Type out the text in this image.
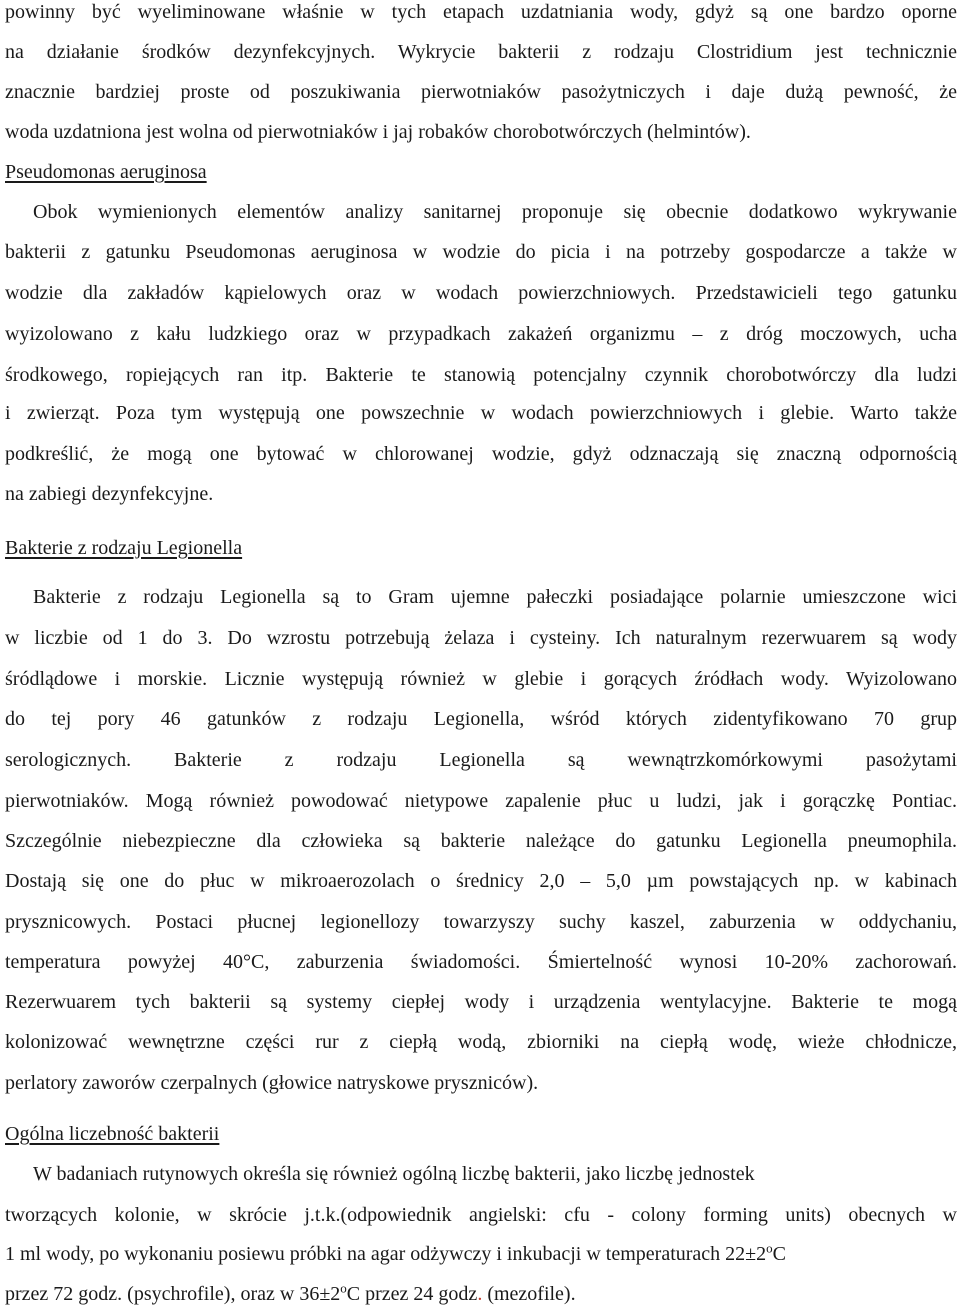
powinny być wyeliminowane właśnie w tych etapach uzdatniania wody, gdyż są one bardzo oporne
na działanie środków dezynfekcyjnych. Wykrycie bakterii z rodzaju Clostridium jest technicznie
znacznie bardziej proste od poszukiwania pierwotniaków pasożytniczych i daje dużą pewność, że
woda uzdatniona jest wolna od pierwotniaków i jaj robaków chorobotwórczych (helmintów).
Pseudomonas aeruginosa
Obok wymienionych elementów analizy sanitarnej proponuje się obecnie dodatkowo wykrywanie
bakterii z gatunku Pseudomonas aeruginosa w wodzie do picia i na potrzeby gospodarcze a także w
wodzie dla zakładów kąpielowych oraz w wodach powierzchniowych. Przedstawicieli tego gatunku
wyizolowano z kału ludzkiego oraz w przypadkach zakażeń organizmu – z dróg moczowych, ucha
środkowego, ropiejących ran itp. Bakterie te stanowią potencjalny czynnik chorobotwórczy dla ludzi
i zwierząt. Poza tym występują one powszechnie w wodach powierzchniowych i glebie. Warto także
podkreślić, że mogą one bytować w chlorowanej wodzie, gdyż odznaczają się znaczną odpornością
na zabiegi dezynfekcyjne.
Bakterie z rodzaju Legionella
Bakterie z rodzaju Legionella są to Gram ujemne pałeczki posiadające polarnie umieszczone wici
w liczbie od 1 do 3. Do wzrostu potrzebują żelaza i cysteiny. Ich naturalnym rezerwuarem są wody
śródlądowe i morskie. Licznie występują również w glebie i gorących źródłach wody. Wyizolowano
do tej pory 46 gatunków z rodzaju Legionella, wśród których zidentyfikowano 70 grup
serologicznych. Bakterie z rodzaju Legionella są wewnątrzkomórkowymi pasożytami
pierwotniaków. Mogą również powodować nietypowe zapalenie płuc u ludzi, jak i gorączkę Pontiac.
Szczególnie niebezpieczne dla człowieka są bakterie należące do gatunku Legionella pneumophila.
Dostają się one do płuc w mikroaerozolach o średnicy 2,0 – 5,0 µm powstających np. w kabinach
prysznicowych. Postaci płucnej legionellozy towarzyszy suchy kaszel, zaburzenia w oddychaniu,
temperatura powyżej 40°C, zaburzenia świadomości. Śmiertelność wynosi 10-20% zachorowań.
Rezerwuarem tych bakterii są systemy ciepłej wody i urządzenia wentylacyjne. Bakterie te mogą
kolonizować wewnętrzne części rur z ciepłą wodą, zbiorniki na ciepłą wodę, wieże chłodnicze,
perlatory zaworów czerpalnych (głowice natryskowe pryszniców).
Ogólna liczebność bakterii
W badaniach rutynowych określa się również ogólną liczbę bakterii, jako liczbę jednostek
tworzących kolonie, w skrócie j.t.k.(odpowiednik angielski: cfu - colony forming units) obecnych w
1 ml wody, po wykonaniu posiewu próbki na agar odżywczy i inkubacji w temperaturach $22\pm 2^oC$
przez 72 godz. (psychrofile), oraz w $36\pm 2^oC$ przez 24 godz. (mezofile).
